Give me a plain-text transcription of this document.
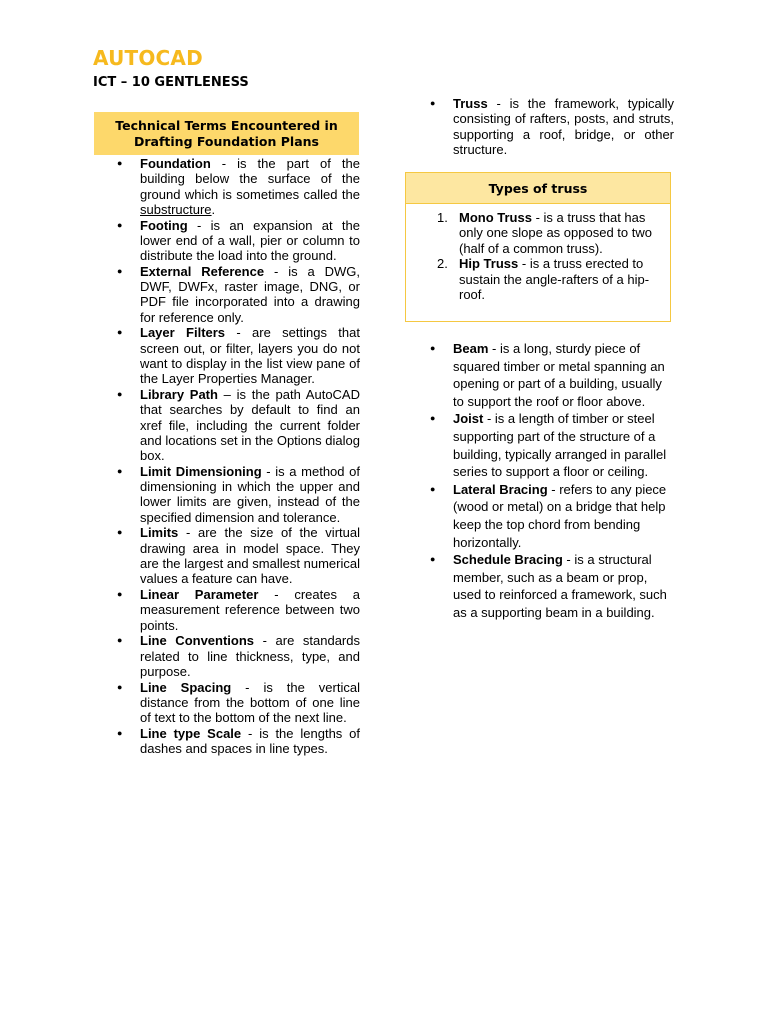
AUTOCAD
ICT – 10 GENTLENESS
Technical Terms Encountered in
Drafting Foundation Plans
● Foundation - is the part of the building below the surface of the ground which is sometimes called the substructure.
● Footing - is an expansion at the lower end of a wall, pier or column to distribute the load into the ground.
● External Reference - is a DWG, DWF, DWFx, raster image, DNG, or PDF file incorporated into a drawing for reference only.
● Layer Filters - are settings that screen out, or filter, layers you do not want to display in the list view pane of the Layer Properties Manager.
● Library Path – is the path AutoCAD that searches by default to find an xref file, including the current folder and locations set in the Options dialog box.
● Limit Dimensioning - is a method of dimensioning in which the upper and lower limits are given, instead of the specified dimension and tolerance.
● Limits - are the size of the virtual drawing area in model space. They are the largest and smallest numerical values a feature can have.
● Linear Parameter - creates a measurement reference between two points.
● Line Conventions - are standards related to line thickness, type, and purpose.
● Line Spacing - is the vertical distance from the bottom of one line of text to the bottom of the next line.
● Line type Scale - is the lengths of dashes and spaces in line types.
● Truss - is the framework, typically consisting of rafters, posts, and struts, supporting a roof, bridge, or other structure.
Types of truss
1. Mono Truss - is a truss that has only one slope as opposed to two (half of a common truss).
2. Hip Truss - is a truss erected to sustain the angle-rafters of a hip-roof.
● Beam - is a long, sturdy piece of squared timber or metal spanning an opening or part of a building, usually to support the roof or floor above.
● Joist - is a length of timber or steel supporting part of the structure of a building, typically arranged in parallel series to support a floor or ceiling.
● Lateral Bracing - refers to any piece (wood or metal) on a bridge that help keep the top chord from bending horizontally.
● Schedule Bracing - is a structural member, such as a beam or prop, used to reinforced a framework, such as a supporting beam in a building.
